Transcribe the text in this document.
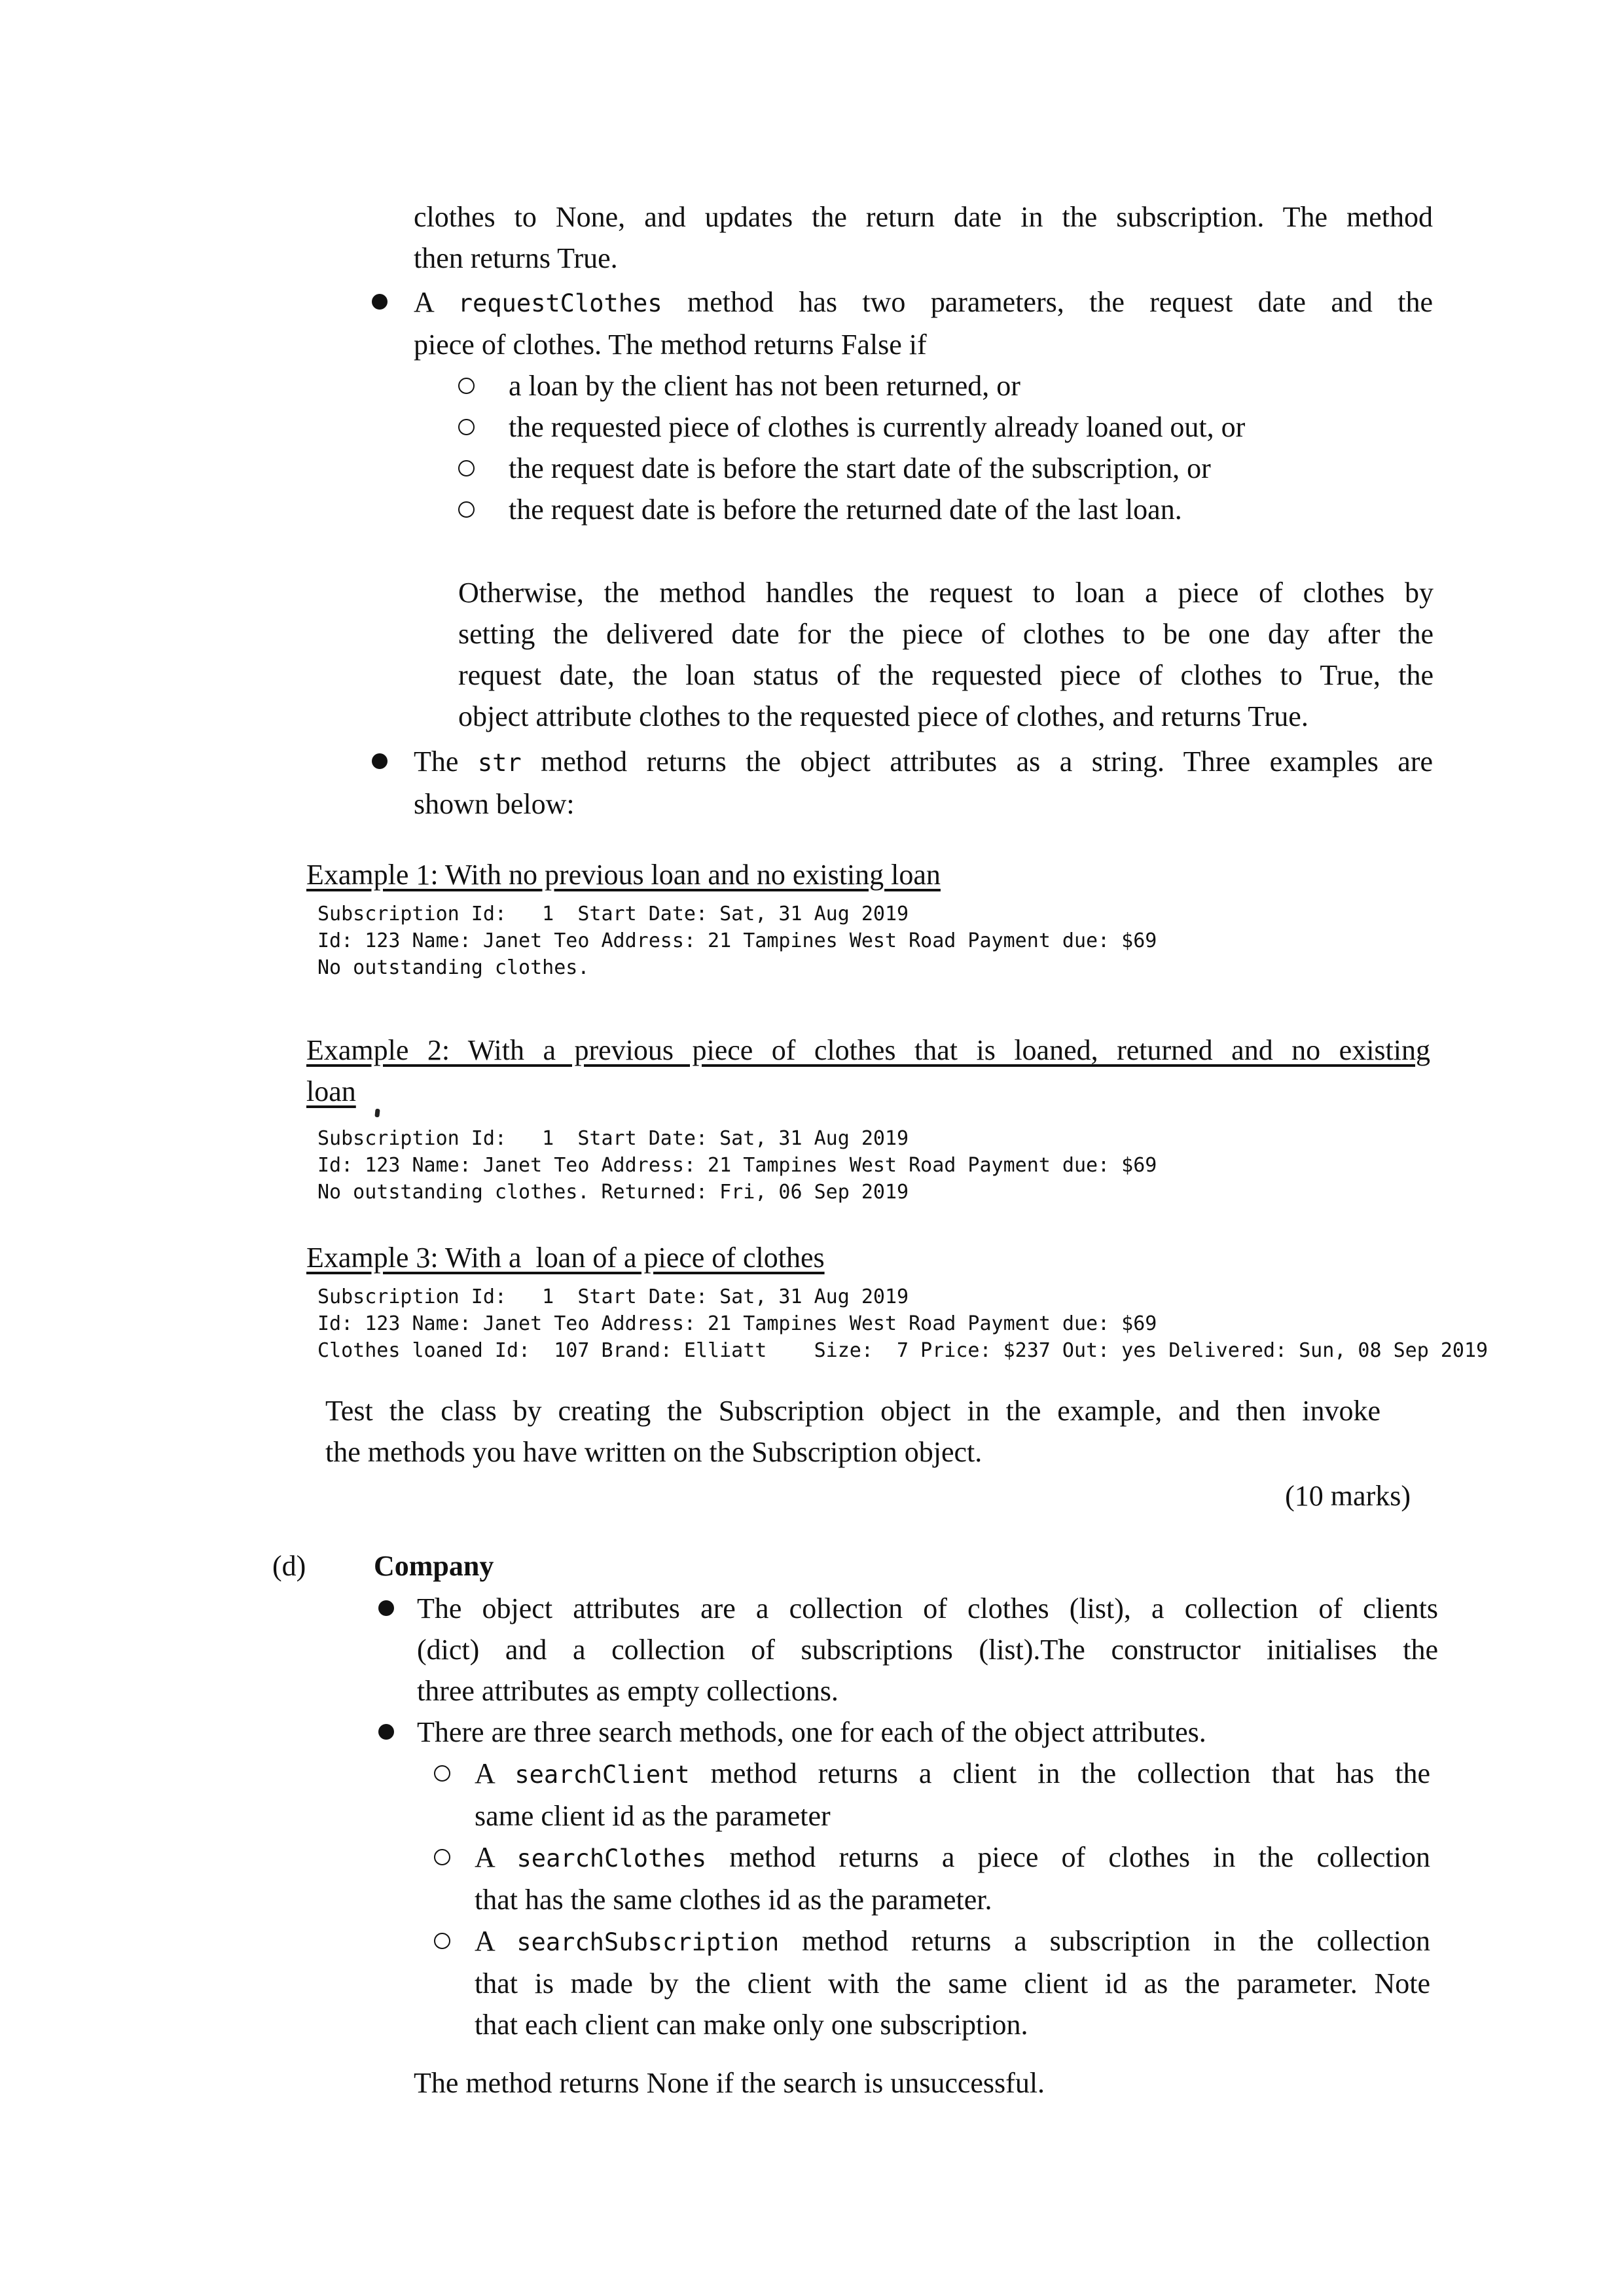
clothes to None, and updates the return date in the subscription. The method
then returns True.
A requestClothes method has two parameters, the request date and the
piece of clothes. The method returns False if
a loan by the client has not been returned, or
the requested piece of clothes is currently already loaned out, or
the request date is before the start date of the subscription, or
the request date is before the returned date of the last loan.
Otherwise, the method handles the request to loan a piece of clothes by
setting the delivered date for the piece of clothes to be one day after the
request date, the loan status of the requested piece of clothes to True, the
object attribute clothes to the requested piece of clothes, and returns True.
The str method returns the object attributes as a string. Three examples are
shown below:
Example 1: With no previous loan and no existing loan
Subscription Id:   1  Start Date: Sat, 31 Aug 2019
Id: 123 Name: Janet Teo Address: 21 Tampines West Road Payment due: $69
No outstanding clothes.
Example 2: With a previous piece of clothes that is loaned, returned and no existing
loan
Subscription Id:   1  Start Date: Sat, 31 Aug 2019
Id: 123 Name: Janet Teo Address: 21 Tampines West Road Payment due: $69
No outstanding clothes. Returned: Fri, 06 Sep 2019
Example 3: With a  loan of a piece of clothes
Subscription Id:   1  Start Date: Sat, 31 Aug 2019
Id: 123 Name: Janet Teo Address: 21 Tampines West Road Payment due: $69
Clothes loaned Id:  107 Brand: Elliatt    Size:  7 Price: $237 Out: yes Delivered: Sun, 08 Sep 2019
Test the class by creating the Subscription object in the example, and then invoke
the methods you have written on the Subscription object.
(10 marks)
(d)	Company
The object attributes are a collection of clothes (list), a collection of clients
(dict) and a collection of subscriptions (list).The constructor initialises the
three attributes as empty collections.
There are three search methods, one for each of the object attributes.
A searchClient method returns a client in the collection that has the
same client id as the parameter
A searchClothes method returns a piece of clothes in the collection
that has the same clothes id as the parameter.
A searchSubscription method returns a subscription in the collection
that is made by the client with the same client id as the parameter. Note
that each client can make only one subscription.
The method returns None if the search is unsuccessful.
